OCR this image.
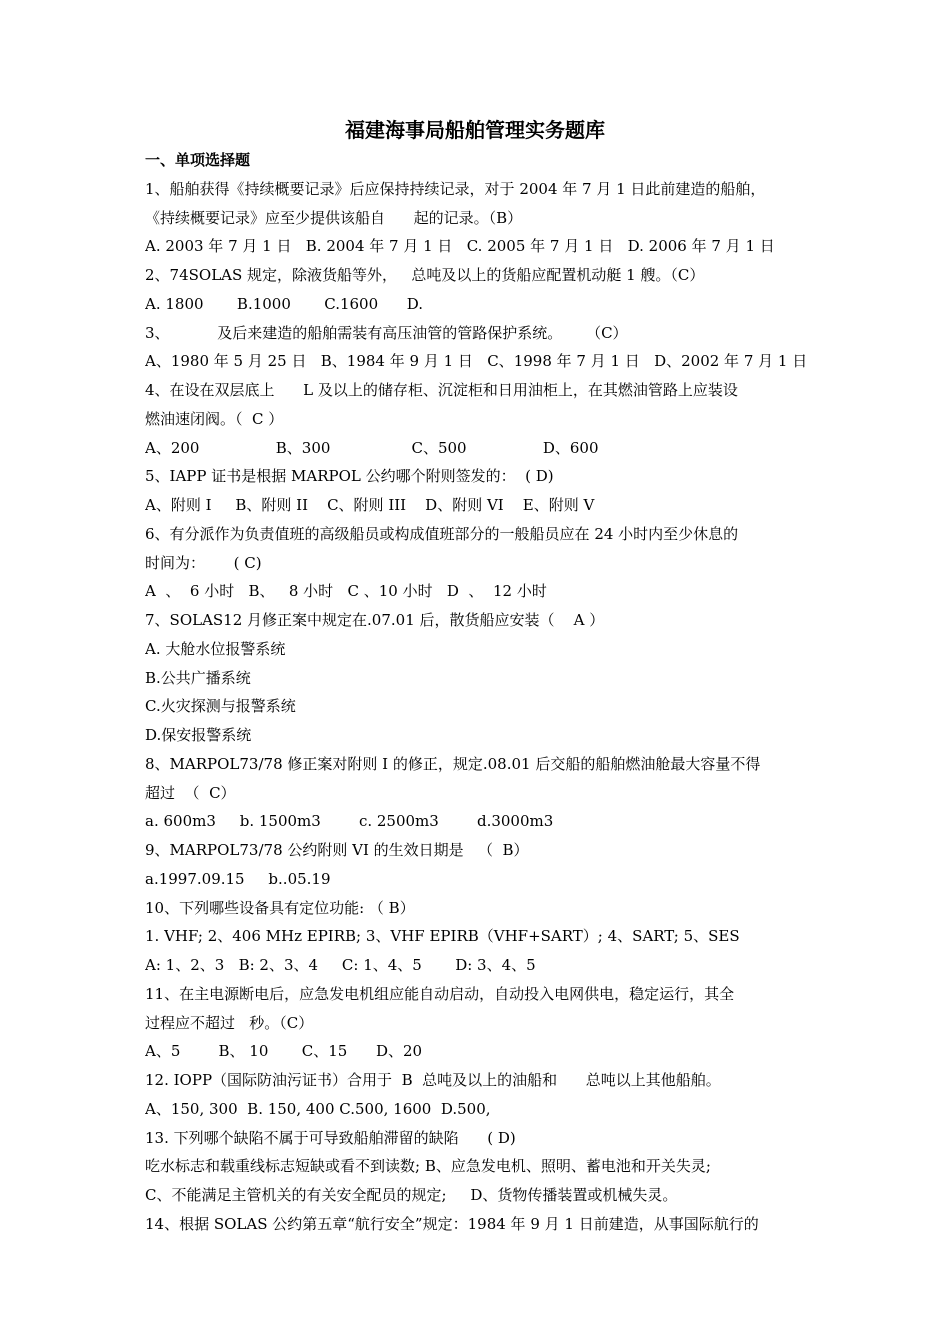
福建海事局船舶管理实务题库
一、单项选择题
1、船舶获得《持续概要记录》后应保持持续记录，对于 2004 年 7 月 1 日此前建造的船舶，
《持续概要记录》应至少提供该船自      起的记录。（B）
A. 2003 年 7 月 1 日   B. 2004 年 7 月 1 日   C. 2005 年 7 月 1 日   D. 2006 年 7 月 1 日
2、74SOLAS 规定，除液货船等外，   总吨及以上的货船应配置机动艇 1 艘。（C）
A. 1800       B.1000       C.1600      D.
3、          及后来建造的船舶需装有高压油管的管路保护系统。     （C）
A、1980 年 5 月 25 日   B、1984 年 9 月 1 日   C、1998 年 7 月 1 日   D、2002 年 7 月 1 日
4、在设在双层底上      L 及以上的储存柜、沉淀柜和日用油柜上，在其燃油管路上应装设
燃油速闭阀。（  C ）
A、200                B、300                 C、500                D、600
5、IAPP 证书是根据 MARPOL 公约哪个附则签发的：  ( D)
A、附则 I     B、附则 II    C、附则 III    D、附则 VI    E、附则 V
6、有分派作为负责值班的高级船员或构成值班部分的一般船员应在 24 小时内至少休息的
时间为：      ( C)
A  、  6 小时   B、   8 小时   C 、10 小时   D  、  12 小时
7、SOLAS12 月修正案中规定在.07.01 后，散货船应安装（    A ）
A. 大舱水位报警系统
B.公共广播系统
C.火灾探测与报警系统
D.保安报警系统
8、MARPOL73/78 修正案对附则 I 的修正，规定.08.01 后交船的船舶燃油舱最大容量不得
超过  （  C）
a. 600m3     b. 1500m3        c. 2500m3        d.3000m3
9、MARPOL73/78 公约附则 VI 的生效日期是   （  B）
a.1997.09.15     b..05.19
10、下列哪些设备具有定位功能: （ B）
1. VHF; 2、406 MHz EPIRB; 3、VHF EPIRB（VHF+SART）; 4、SART; 5、SES
A: 1、2、3   B: 2、3、4     C: 1、4、5       D: 3、4、5
11、在主电源断电后，应急发电机组应能自动启动，自动投入电网供电，稳定运行，其全
过程应不超过   秒。（C）
A、5        B、 10       C、15      D、20
12. IOPP（国际防油污证书）合用于  B  总吨及以上的油船和      总吨以上其他船舶。
A、150, 300  B. 150, 400 C.500, 1600  D.500,
13. 下列哪个缺陷不属于可导致船舶滞留的缺陷      ( D)
吃水标志和载重线标志短缺或看不到读数; B、应急发电机、照明、蓄电池和开关失灵;
C、不能满足主管机关的有关安全配员的规定;     D、货物传播装置或机械失灵。
14、根据 SOLAS 公约第五章“航行安全”规定：1984 年 9 月 1 日前建造，从事国际航行的
